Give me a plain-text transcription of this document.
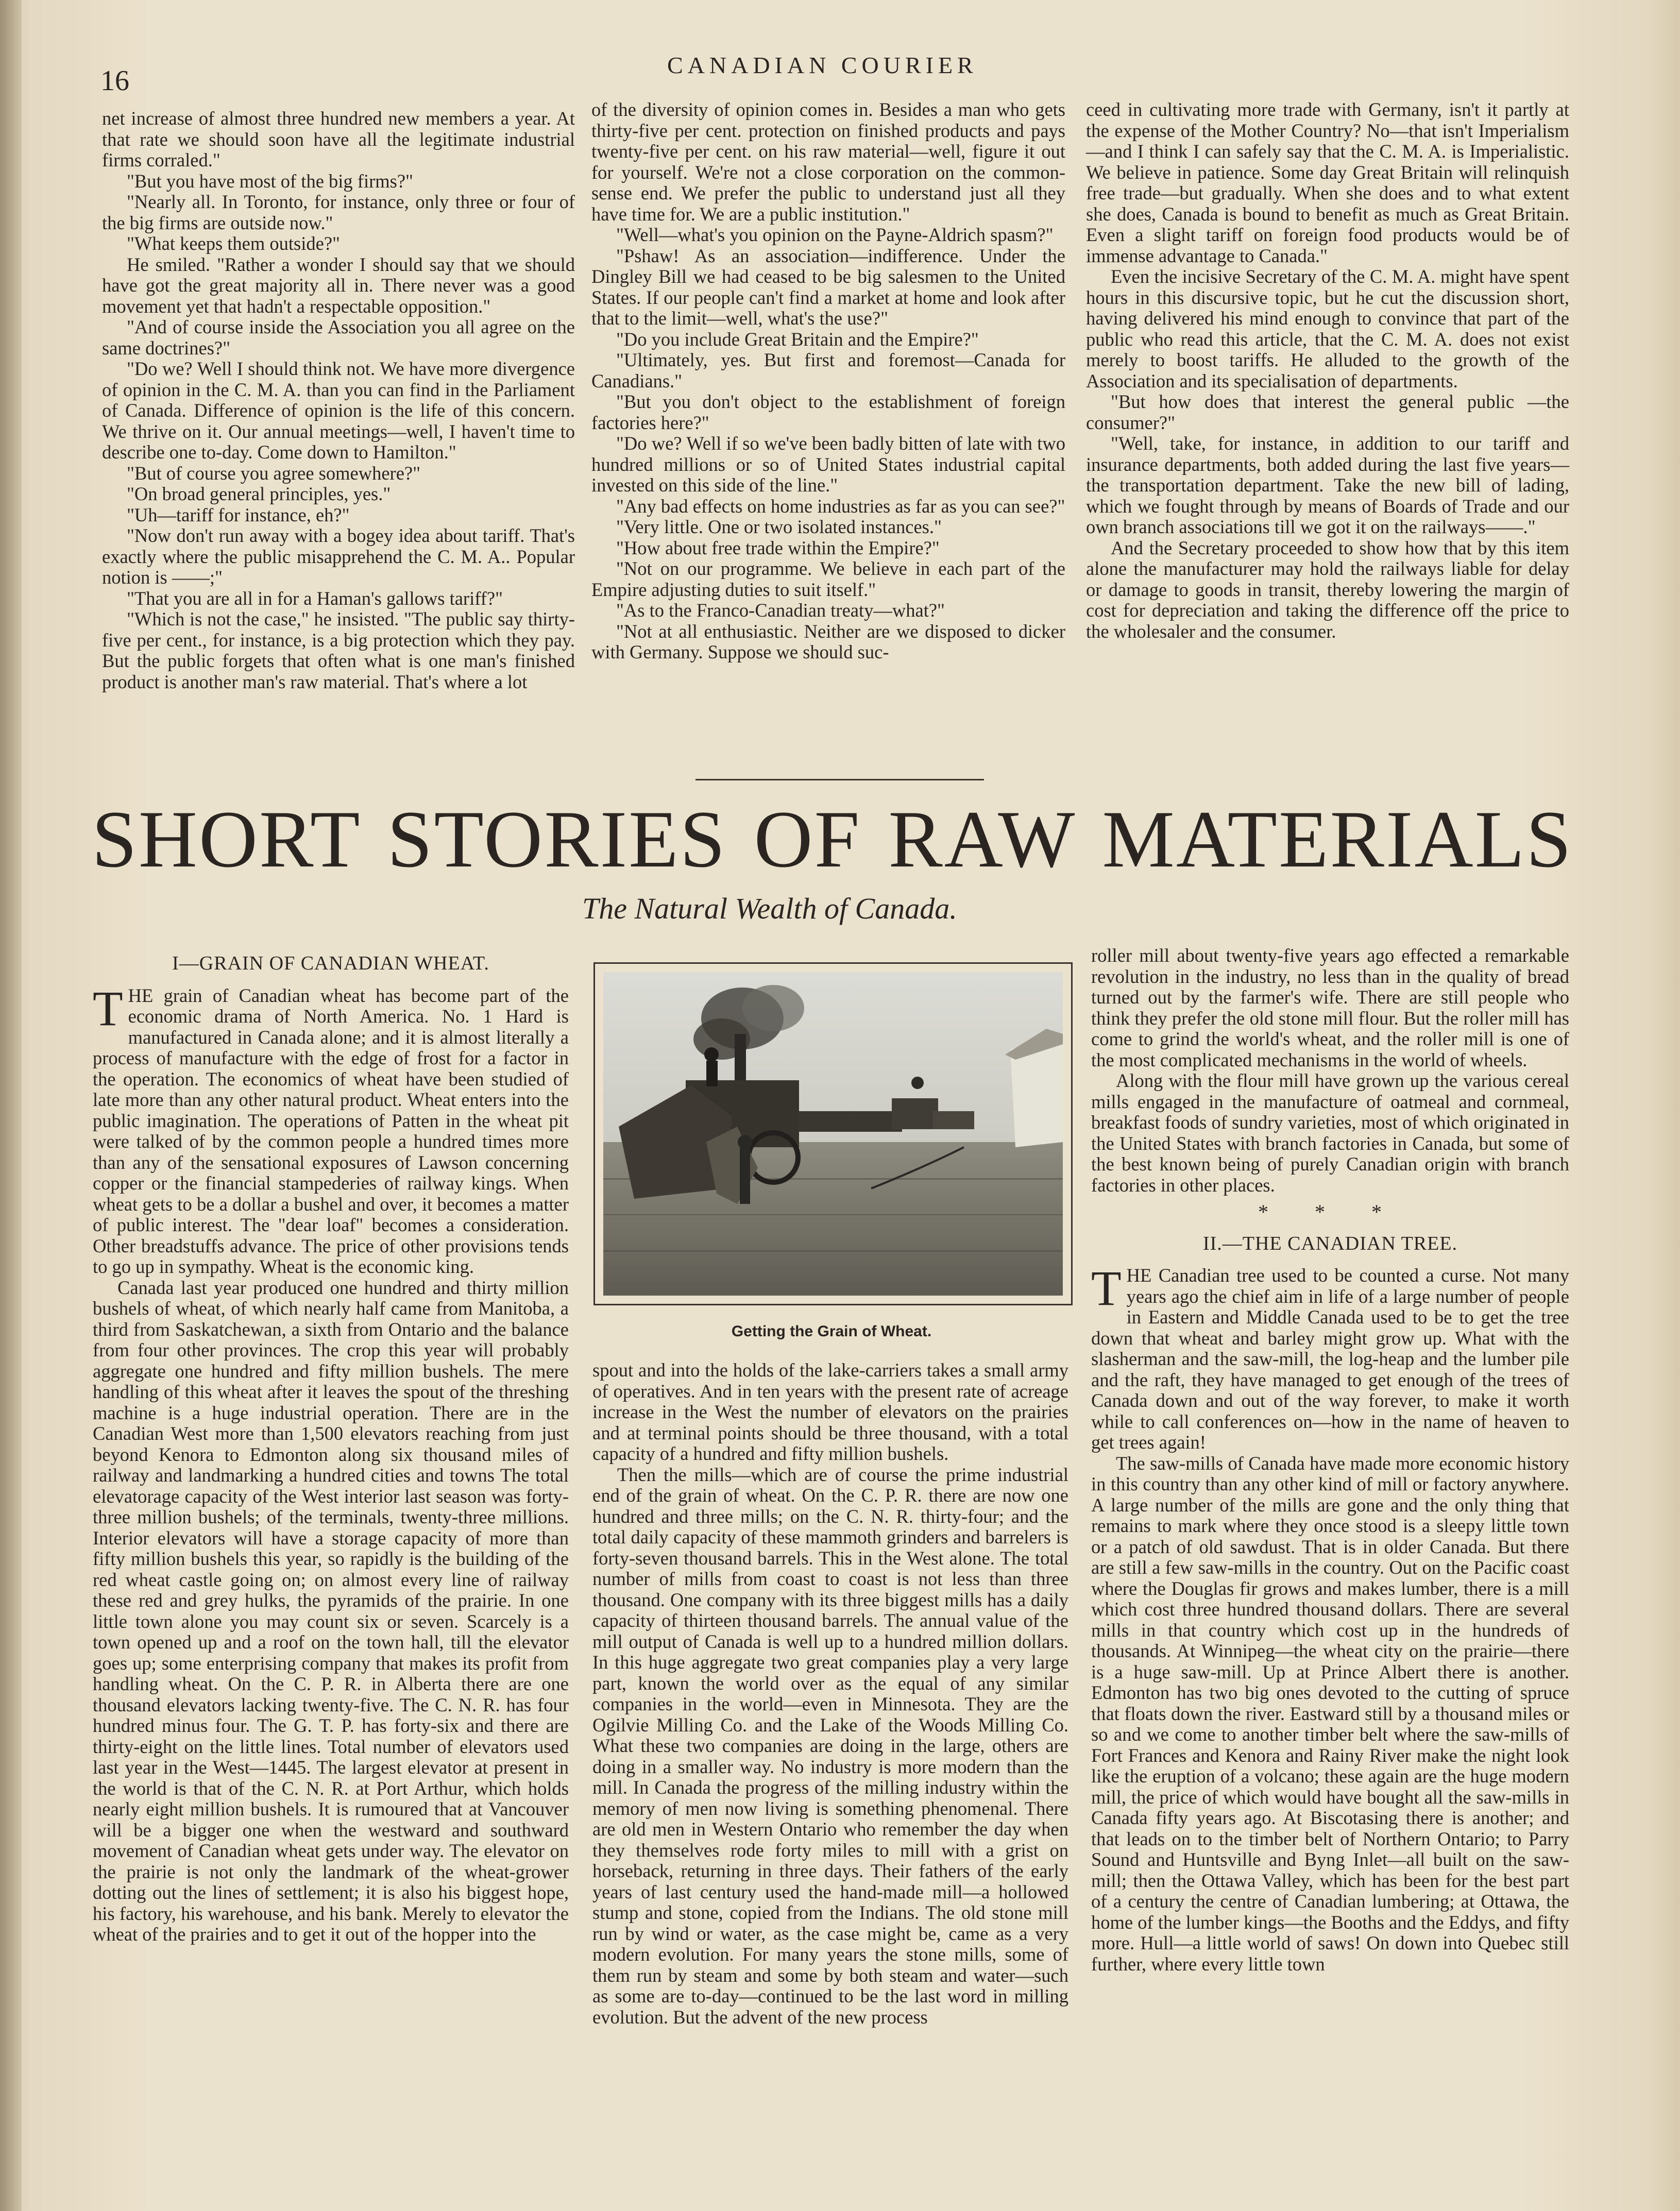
16	CANADIAN COURIER

net increase of almost three hundred new members a year. At that rate we should soon have all the legitimate industrial firms corraled."

"But you have most of the big firms?"

"Nearly all. In Toronto, for instance, only three or four of the big firms are outside now."

"What keeps them outside?"

He smiled. "Rather a wonder I should say that we should have got the great majority all in. There never was a good movement yet that hadn't a respectable opposition."

"And of course inside the Association you all agree on the same doctrines?"

"Do we? Well I should think not. We have more divergence of opinion in the C. M. A. than you can find in the Parliament of Canada. Difference of opinion is the life of this concern. We thrive on it. Our annual meetings—well, I haven't time to describe one to-day. Come down to Hamilton."

"But of course you agree somewhere?"

"On broad general principles, yes."

"Uh—tariff for instance, eh?"

"Now don't run away with a bogey idea about tariff. That's exactly where the public misapprehend the C. M. A.. Popular notion is ——;"

"That you are all in for a Haman's gallows tariff?"

"Which is not the case," he insisted. "The public say thirty-five per cent., for instance, is a big protection which they pay. But the public forgets that often what is one man's finished product is another man's raw material. That's where a lot

of the diversity of opinion comes in. Besides a man who gets thirty-five per cent. protection on finished products and pays twenty-five per cent. on his raw material—well, figure it out for yourself. We're not a close corporation on the common-sense end. We prefer the public to understand just all they have time for. We are a public institution."

"Well—what's you opinion on the Payne-Aldrich spasm?"

"Pshaw! As an association—indifference. Under the Dingley Bill we had ceased to be big salesmen to the United States. If our people can't find a market at home and look after that to the limit—well, what's the use?"

"Do you include Great Britain and the Empire?"

"Ultimately, yes. But first and foremost—Canada for Canadians."

"But you don't object to the establishment of foreign factories here?"

"Do we? Well if so we've been badly bitten of late with two hundred millions or so of United States industrial capital invested on this side of the line."

"Any bad effects on home industries as far as you can see?"

"Very little. One or two isolated instances."

"How about free trade within the Empire?"

"Not on our programme. We believe in each part of the Empire adjusting duties to suit itself."

"As to the Franco-Canadian treaty—what?"

"Not at all enthusiastic. Neither are we disposed to dicker with Germany. Suppose we should suc-

ceed in cultivating more trade with Germany, isn't it partly at the expense of the Mother Country? No—that isn't Imperialism—and I think I can safely say that the C. M. A. is Imperialistic. We believe in patience. Some day Great Britain will relinquish free trade—but gradually. When she does and to what extent she does, Canada is bound to benefit as much as Great Britain. Even a slight tariff on foreign food products would be of immense advantage to Canada."

Even the incisive Secretary of the C. M. A. might have spent hours in this discursive topic, but he cut the discussion short, having delivered his mind enough to convince that part of the public who read this article, that the C. M. A. does not exist merely to boost tariffs. He alluded to the growth of the Association and its specialisation of departments.

"But how does that interest the general public —the consumer?"

"Well, take, for instance, in addition to our tariff and insurance departments, both added during the last five years—the transportation department. Take the new bill of lading, which we fought through by means of Boards of Trade and our own branch associations till we got it on the railways——."

And the Secretary proceeded to show how that by this item alone the manufacturer may hold the railways liable for delay or damage to goods in transit, thereby lowering the margin of cost for depreciation and taking the difference off the price to the wholesaler and the consumer.

SHORT STORIES OF RAW MATERIALS
The Natural Wealth of Canada.
I—GRAIN OF CANADIAN WHEAT.

THE grain of Canadian wheat has become part of the economic drama of North America. No. 1 Hard is manufactured in Canada alone; and it is almost literally a process of manufacture with the edge of frost for a factor in the operation. The economics of wheat have been studied of late more than any other natural product. Wheat enters into the public imagination. The operations of Patten in the wheat pit were talked of by the common people a hundred times more than any of the sensational exposures of Lawson concerning copper or the financial stampederies of railway kings. When wheat gets to be a dollar a bushel and over, it becomes a matter of public interest. The "dear loaf" becomes a consideration. Other breadstuffs advance. The price of other provisions tends to go up in sympathy. Wheat is the economic king.

Canada last year produced one hundred and thirty million bushels of wheat, of which nearly half came from Manitoba, a third from Saskatchewan, a sixth from Ontario and the balance from four other provinces. The crop this year will probably aggregate one hundred and fifty million bushels. The mere handling of this wheat after it leaves the spout of the threshing machine is a huge industrial operation. There are in the Canadian West more than 1,500 elevators reaching from just beyond Kenora to Edmonton along six thousand miles of railway and landmarking a hundred cities and towns The total elevatorage capacity of the West interior last season was forty-three million bushels; of the terminals, twenty-three millions. Interior elevators will have a storage capacity of more than fifty million bushels this year, so rapidly is the building of the red wheat castle going on; on almost every line of railway these red and grey hulks, the pyramids of the prairie. In one little town alone you may count six or seven. Scarcely is a town opened up and a roof on the town hall, till the elevator goes up; some enterprising company that makes its profit from handling wheat. On the C. P. R. in Alberta there are one thousand elevators lacking twenty-five. The C. N. R. has four hundred minus four. The G. T. P. has forty-six and there are thirty-eight on the little lines. Total number of elevators used last year in the West—1445. The largest elevator at present in the world is that of the C. N. R. at Port Arthur, which holds nearly eight million bushels. It is rumoured that at Vancouver will be a bigger one when the westward and southward movement of Canadian wheat gets under way. The elevator on the prairie is not only the landmark of the wheat-grower dotting out the lines of settlement; it is also his biggest hope, his factory, his warehouse, and his bank. Merely to elevator the wheat of the prairies and to get it out of the hopper into the

Getting the Grain of Wheat.

spout and into the holds of the lake-carriers takes a small army of operatives. And in ten years with the present rate of acreage increase in the West the number of elevators on the prairies and at terminal points should be three thousand, with a total capacity of a hundred and fifty million bushels.

Then the mills—which are of course the prime industrial end of the grain of wheat. On the C. P. R. there are now one hundred and three mills; on the C. N. R. thirty-four; and the total daily capacity of these mammoth grinders and barrelers is forty-seven thousand barrels. This in the West alone. The total number of mills from coast to coast is not less than three thousand. One company with its three biggest mills has a daily capacity of thirteen thousand barrels. The annual value of the mill output of Canada is well up to a hundred million dollars. In this huge aggregate two great companies play a very large part, known the world over as the equal of any similar companies in the world—even in Minnesota. They are the Ogilvie Milling Co. and the Lake of the Woods Milling Co. What these two companies are doing in the large, others are doing in a smaller way. No industry is more modern than the mill. In Canada the progress of the milling industry within the memory of men now living is something phenomenal. There are old men in Western Ontario who remember the day when they themselves rode forty miles to mill with a grist on horseback, returning in three days. Their fathers of the early years of last century used the hand-made mill—a hollowed stump and stone, copied from the Indians. The old stone mill run by wind or water, as the case might be, came as a very modern evolution. For many years the stone mills, some of them run by steam and some by both steam and water—such as some are to-day—continued to be the last word in milling evolution. But the advent of the new process

roller mill about twenty-five years ago effected a remarkable revolution in the industry, no less than in the quality of bread turned out by the farmer's wife. There are still people who think they prefer the old stone mill flour. But the roller mill has come to grind the world's wheat, and the roller mill is one of the most complicated mechanisms in the world of wheels.

Along with the flour mill have grown up the various cereal mills engaged in the manufacture of oatmeal and cornmeal, breakfast foods of sundry varieties, most of which originated in the United States with branch factories in Canada, but some of the best known being of purely Canadian origin with branch factories in other places.

* * *
II.—THE CANADIAN TREE.

THE Canadian tree used to be counted a curse. Not many years ago the chief aim in life of a large number of people in Eastern and Middle Canada used to be to get the tree down that wheat and barley might grow up. What with the slasherman and the saw-mill, the log-heap and the lumber pile and the raft, they have managed to get enough of the trees of Canada down and out of the way forever, to make it worth while to call conferences on—how in the name of heaven to get trees again!

The saw-mills of Canada have made more economic history in this country than any other kind of mill or factory anywhere. A large number of the mills are gone and the only thing that remains to mark where they once stood is a sleepy little town or a patch of old sawdust. That is in older Canada. But there are still a few saw-mills in the country. Out on the Pacific coast where the Douglas fir grows and makes lumber, there is a mill which cost three hundred thousand dollars. There are several mills in that country which cost up in the hundreds of thousands. At Winnipeg—the wheat city on the prairie—there is a huge saw-mill. Up at Prince Albert there is another. Edmonton has two big ones devoted to the cutting of spruce that floats down the river. Eastward still by a thousand miles or so and we come to another timber belt where the saw-mills of Fort Frances and Kenora and Rainy River make the night look like the eruption of a volcano; these again are the huge modern mill, the price of which would have bought all the saw-mills in Canada fifty years ago. At Biscotasing there is another; and that leads on to the timber belt of Northern Ontario; to Parry Sound and Huntsville and Byng Inlet—all built on the saw-mill; then the Ottawa Valley, which has been for the best part of a century the centre of Canadian lumbering; at Ottawa, the home of the lumber kings—the Booths and the Eddys, and fifty more. Hull—a little world of saws! On down into Quebec still further, where every little town
